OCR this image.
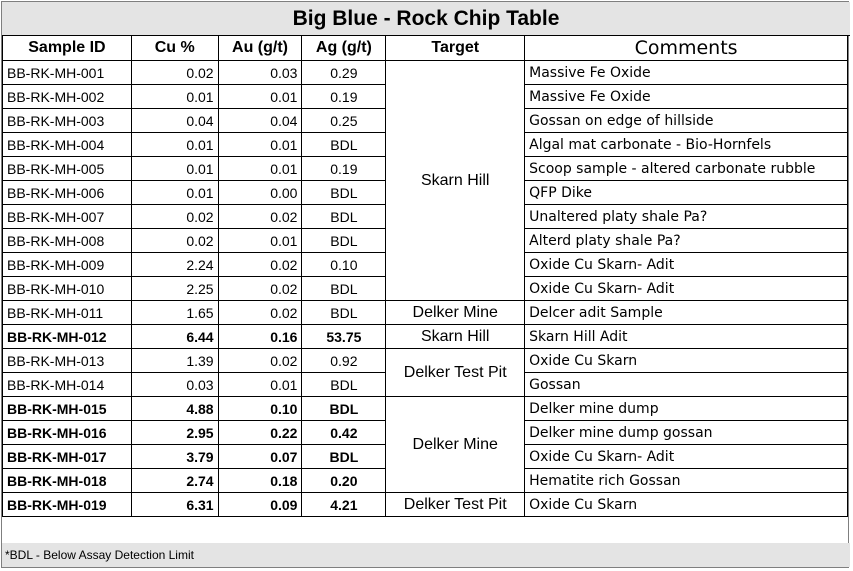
Big Blue - Rock Chip Table
Sample ID	Cu %	Au (g/t)	Ag (g/t)	Target	Comments
BB-RK-MH-001	0.02	0.03	0.29	Skarn Hill	Massive Fe Oxide
BB-RK-MH-002	0.01	0.01	0.19		Massive Fe Oxide
BB-RK-MH-003	0.04	0.04	0.25		Gossan on edge of hillside
BB-RK-MH-004	0.01	0.01	BDL		Algal mat carbonate - Bio-Hornfels
BB-RK-MH-005	0.01	0.01	0.19		Scoop sample - altered carbonate rubble
BB-RK-MH-006	0.01	0.00	BDL		QFP Dike
BB-RK-MH-007	0.02	0.02	BDL		Unaltered platy shale Pa?
BB-RK-MH-008	0.02	0.01	BDL		Alterd platy shale Pa?
BB-RK-MH-009	2.24	0.02	0.10		Oxide Cu Skarn- Adit
BB-RK-MH-010	2.25	0.02	BDL		Oxide Cu Skarn- Adit
BB-RK-MH-011	1.65	0.02	BDL	Delker Mine	Delcer adit Sample
BB-RK-MH-012	6.44	0.16	53.75	Skarn Hill	Skarn Hill Adit
BB-RK-MH-013	1.39	0.02	0.92	Delker Test Pit	Oxide Cu Skarn
BB-RK-MH-014	0.03	0.01	BDL		Gossan
BB-RK-MH-015	4.88	0.10	BDL	Delker Mine	Delker mine dump
BB-RK-MH-016	2.95	0.22	0.42		Delker mine dump gossan
BB-RK-MH-017	3.79	0.07	BDL		Oxide Cu Skarn- Adit
BB-RK-MH-018	2.74	0.18	0.20		Hematite rich Gossan
BB-RK-MH-019	6.31	0.09	4.21	Delker Test Pit	Oxide Cu Skarn
*BDL - Below Assay Detection Limit
